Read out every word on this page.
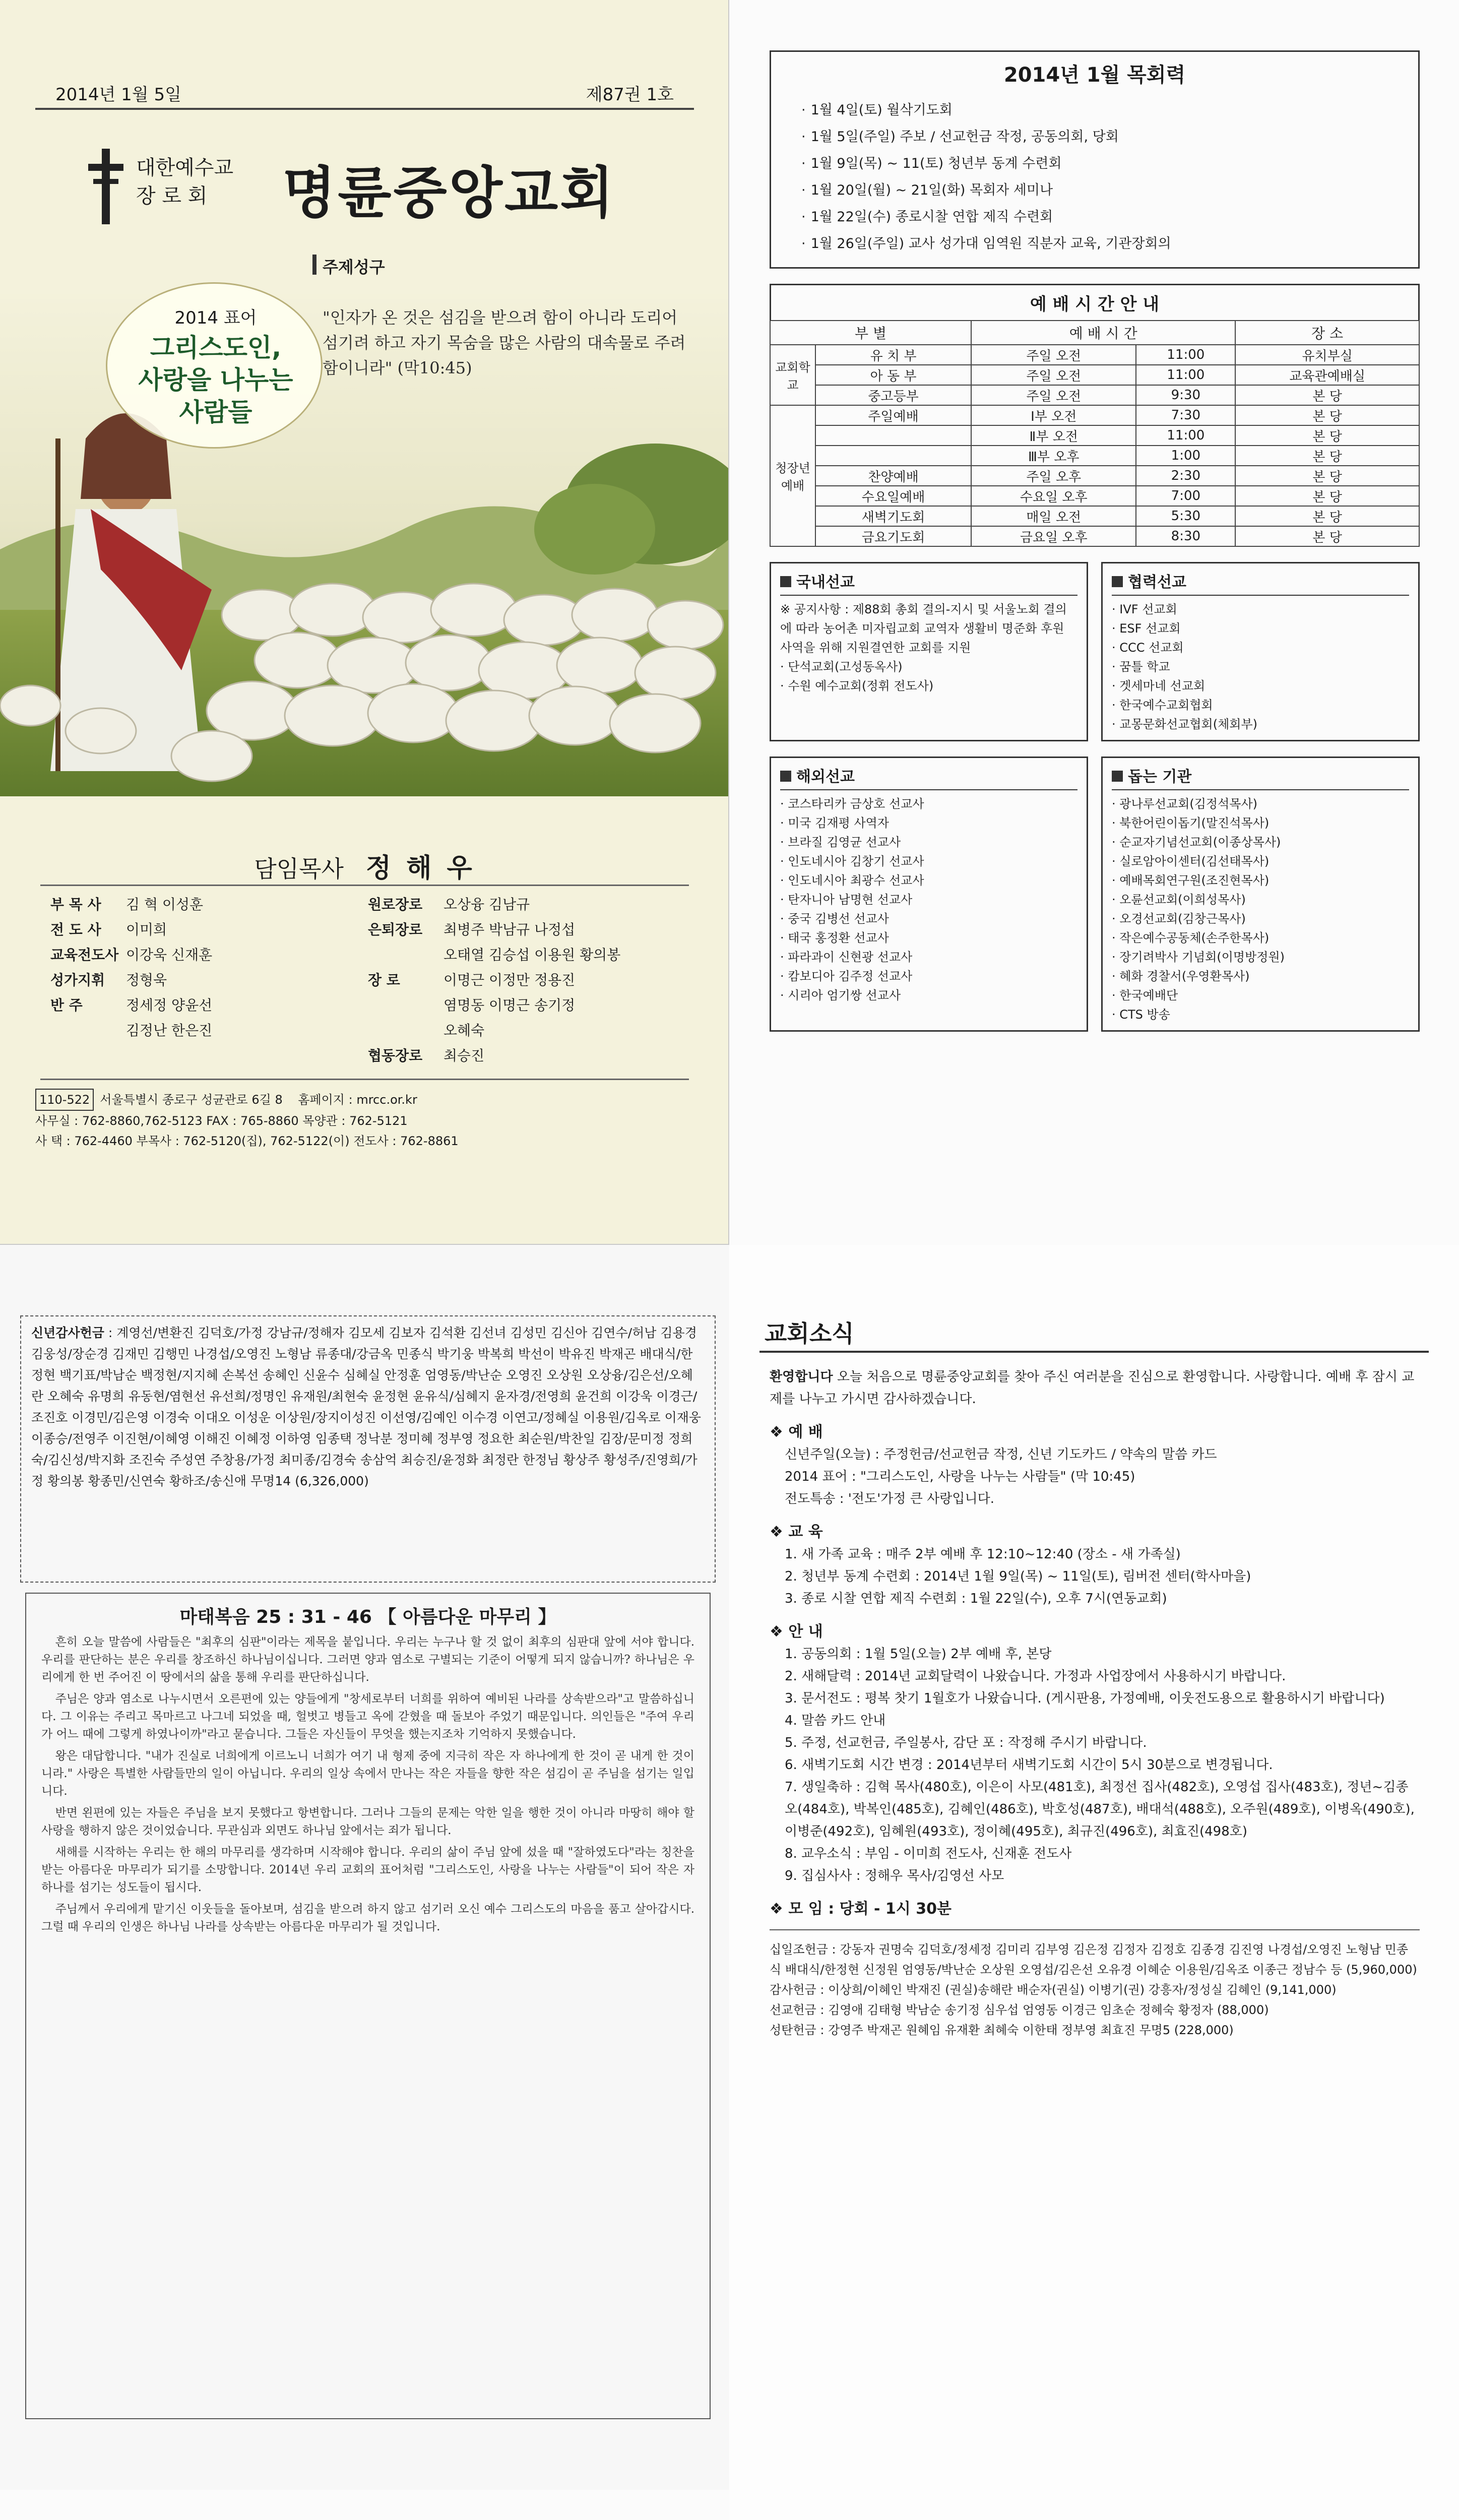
2014년 1월 5일	제87권 1호
대한예수교
장 로 회	명륜중앙교회
주제성구
"인자가 온 것은 섬김을 받으려 함이 아니라 도리어 섬기려 하고 자기 목숨을 많은 사람의 대속물로 주려 함이니라" (막10:45)
2014 표어
그리스도인,
사랑을 나누는
사람들
담임목사 정 해 우
부 목 사	김 혁 이성훈	원로장로	오상융 김남규
전 도 사	이미희	은퇴장로	최병주 박남규 나정섭
교육전도사 이강욱 신재훈	오태열 김승섭 이용원 황의봉
성가지휘	정형욱	장 로	이명근 이정만 정용진
반 주	정세정 양윤선	염명동 이명근 송기정
김정난 한은진	오혜숙
협동장로	최승진
110-522 서울특별시 종로구 성균관로 6길 8 홈페이지 : mrcc.or.kr
사무실 : 762-8860,762-5123 FAX : 765-8860 목양관 : 762-5121
사 택 : 762-4460 부목사 : 762-5120(집), 762-5122(이) 전도사 : 762-8861
2014년 1월 목회력
· 1월 4일(토) 월삭기도회
· 1월 5일(주일) 주보 / 선교헌금 작정, 공동의회, 당회
· 1월 9일(목) ~ 11(토) 청년부 동계 수련회
· 1월 20일(월) ~ 21일(화) 목회자 세미나
· 1월 22일(수) 종로시찰 연합 제직 수련회
· 1월 26일(주일) 교사 성가대 임역원 직분자 교육, 기관장회의
예 배 시 간 안 내
부 별		예 배 시 간		장 소
교회학교	유 치 부	주일 오전	11:00	유치부실
	아 동 부	주일 오전	11:00	교육관예배실
	중고등부	주일 오전	9:30	본 당
청장년예배	주일예배	Ⅰ부 오전	7:30	본 당
		Ⅱ부 오전	11:00	본 당
		Ⅲ부 오후	1:00	본 당
	찬양예배	주일 오후	2:30	본 당
	수요일예배	수요일 오후	7:00	본 당
	새벽기도회	매일 오전	5:30	본 당
	금요기도회	금요일 오후	8:30	본 당
국내선교
※ 공지사항 : 제88회 총회 결의-지시 및 서울노회 결의에 따라 농어촌 미자립교회 교역자 생활비 명준화 후원 사역을 위해 지원결연한 교회를 지원
· 단석교회(고성동옥사)
· 수원 예수교회(정휘 전도사)
협력선교
· IVF 선교회
· ESF 선교회
· CCC 선교회
· 꿈틀 학교
· 겟세마네 선교회
· 한국예수교회협회
· 교몽문화선교협회(체회부)
해외선교
· 코스타리카 금상호 선교사
· 미국 김재평 사역자
· 브라질 김영균 선교사
· 인도네시아 김창기 선교사
· 인도네시아 최광수 선교사
· 탄자니아 남명현 선교사
· 중국 김병선 선교사
· 태국 홍정환 선교사
· 파라과이 신현광 선교사
· 캄보디아 김주정 선교사
· 시리아 엄기쌍 선교사
돕는 기관
· 광나루선교회(김정석목사)
· 북한어린이돕기(말진석목사)
· 순교자기념선교회(이종상목사)
· 실로암아이센터(김선태목사)
· 예배목회연구원(조진현목사)
· 오륜선교회(이희성목사)
· 오경선교회(김창근목사)
· 작은예수공동체(손주한목사)
· 장기려박사 기념회(이명방정원)
· 혜화 경찰서(우영환목사)
· 한국예배단
· CTS 방송
신년감사헌금 : 계영선/변환진 김덕호/가정 강남규/정해자 김모세 김보자 김석환 김선녀 김성민 김신아 김연수/허남 김용경 김웅성/장순경 김재민 김행민 나경섭/오영진 노형남 류종대/강금옥 민종식 박기웅 박복희 박선이 박유진 박재곤 배대식/한정현 백기표/박남순 백정현/지지혜 손복선 송혜인 신윤수 심혜실 안정훈 엄영동/박난순 오영진 오상원 오상융/김은선/오혜란 오혜숙 유명희 유동현/염현선 유선희/정명인 유재원/최현숙 윤정현 윤유식/심혜지 윤자경/전영희 윤건희 이강욱 이경근/조진호 이경민/김은영 이경숙 이대오 이성운 이상원/장지이성진 이선영/김예인 이수경 이연고/정혜실 이용원/김옥로 이재웅 이종승/전영주 이진현/이혜영 이해진 이혜정 이하영 임종택 정낙분 정미혜 정부영 정요한 최순원/박찬일 김장/문미정 정희숙/김신성/박지화 조진숙 주성연 주창용/가정 최미종/김경숙 송삼억 최승진/윤정화 최정란 한정님 황상주 황성주/진영희/가정 황의봉 황종민/신연숙 황하조/송신애 무명14 (6,326,000)
마태복음 25 : 31 - 46 【 아름다운 마무리 】

흔히 오늘 말씀에 사람들은 "최후의 심판"이라는 제목을 붙입니다. 우리는 누구나 할 것 없이 최후의 심판대 앞에 서야 합니다. 우리를 판단하는 분은 우리를 창조하신 하나님이십니다. 그러면 양과 염소로 구별되는 기준이 어떻게 되지 않습니까? 하나님은 우리에게 한 번 주어진 이 땅에서의 삶을 통해 우리를 판단하십니다.

주님은 양과 염소로 나누시면서 오른편에 있는 양들에게 "창세로부터 너희를 위하여 예비된 나라를 상속받으라"고 말씀하십니다. 그 이유는 주리고 목마르고 나그네 되었을 때, 헐벗고 병들고 옥에 갇혔을 때 돌보아 주었기 때문입니다. 의인들은 "주여 우리가 어느 때에 그렇게 하였나이까"라고 묻습니다. 그들은 자신들이 무엇을 했는지조차 기억하지 못했습니다.

왕은 대답합니다. "내가 진실로 너희에게 이르노니 너희가 여기 내 형제 중에 지극히 작은 자 하나에게 한 것이 곧 내게 한 것이니라." 사랑은 특별한 사람들만의 일이 아닙니다. 우리의 일상 속에서 만나는 작은 자들을 향한 작은 섬김이 곧 주님을 섬기는 일입니다.

반면 왼편에 있는 자들은 주님을 보지 못했다고 항변합니다. 그러나 그들의 문제는 악한 일을 행한 것이 아니라 마땅히 해야 할 사랑을 행하지 않은 것이었습니다. 무관심과 외면도 하나님 앞에서는 죄가 됩니다.

새해를 시작하는 우리는 한 해의 마무리를 생각하며 시작해야 합니다. 우리의 삶이 주님 앞에 섰을 때 "잘하였도다"라는 칭찬을 받는 아름다운 마무리가 되기를 소망합니다. 2014년 우리 교회의 표어처럼 "그리스도인, 사랑을 나누는 사람들"이 되어 작은 자 하나를 섬기는 성도들이 됩시다.

주님께서 우리에게 맡기신 이웃들을 돌아보며, 섬김을 받으려 하지 않고 섬기러 오신 예수 그리스도의 마음을 품고 살아갑시다. 그럴 때 우리의 인생은 하나님 나라를 상속받는 아름다운 마무리가 될 것입니다.

교회소식

환영합니다 오늘 처음으로 명륜중앙교회를 찾아 주신 여러분을 진심으로 환영합니다. 사랑합니다. 예배 후 잠시 교제를 나누고 가시면 감사하겠습니다.

❖ 예 배

신년주일(오늘) : 주정헌금/선교헌금 작정, 신년 기도카드 / 약속의 말씀 카드

2014 표어 : "그리스도인, 사랑을 나누는 사람들" (막 10:45)

전도특송 : '전도'가정 큰 사랑입니다.

❖ 교 육

1. 새 가족 교육 : 매주 2부 예배 후 12:10~12:40 (장소 - 새 가족실)

2. 청년부 동계 수련회 : 2014년 1월 9일(목) ~ 11일(토), 림버전 센터(학사마을)

3. 종로 시찰 연합 제직 수련회 : 1월 22일(수), 오후 7시(연동교회)

❖ 안 내

1. 공동의회 : 1월 5일(오늘) 2부 예배 후, 본당

2. 새해달력 : 2014년 교회달력이 나왔습니다. 가정과 사업장에서 사용하시기 바랍니다.

3. 문서전도 : 평복 찻기 1월호가 나왔습니다. (게시판용, 가정예배, 이웃전도용으로 활용하시기 바랍니다)

4. 말씀 카드 안내

5. 주정, 선교헌금, 주일봉사, 감단 포 : 작정해 주시기 바랍니다.

6. 새벽기도회 시간 변경 : 2014년부터 새벽기도회 시간이 5시 30분으로 변경됩니다.

7. 생일축하 : 김혁 목사(480호), 이은이 사모(481호), 최정선 집사(482호), 오영섭 집사(483호), 정년~김종오(484호), 박복인(485호), 김혜인(486호), 박호성(487호), 배대석(488호), 오주원(489호), 이병옥(490호), 이병준(492호), 임혜원(493호), 정이혜(495호), 최규진(496호), 최효진(498호)

8. 교우소식 : 부임 - 이미희 전도사, 신재훈 전도사

9. 집심사사 : 정해우 목사/김영선 사모

❖ 모 임 : 당회 - 1시 30분

십일조헌금 : 강동자 권명숙 김덕호/정세정 김미리 김부영 김은정 김정자 김정호 김종경 김진영 나경섭/오영진 노형남 민종식 배대식/한정현 신정원 엄영동/박난순 오상원 오영섭/김은선 오유경 이혜순 이용원/김옥조 이종근 정남수 등 (5,960,000)

감사헌금 : 이상희/이혜인 박재진 (권실)송해란 배순자(권실) 이병기(권) 강흥자/정성실 김혜인 (9,141,000)

선교헌금 : 김영애 김태형 박남순 송기정 심우섭 엄영동 이경근 임초순 정혜숙 황정자 (88,000)

성탄헌금 : 강영주 박재곤 원혜임 유재환 최혜숙 이한태 정부영 최효진 무명5 (228,000)
